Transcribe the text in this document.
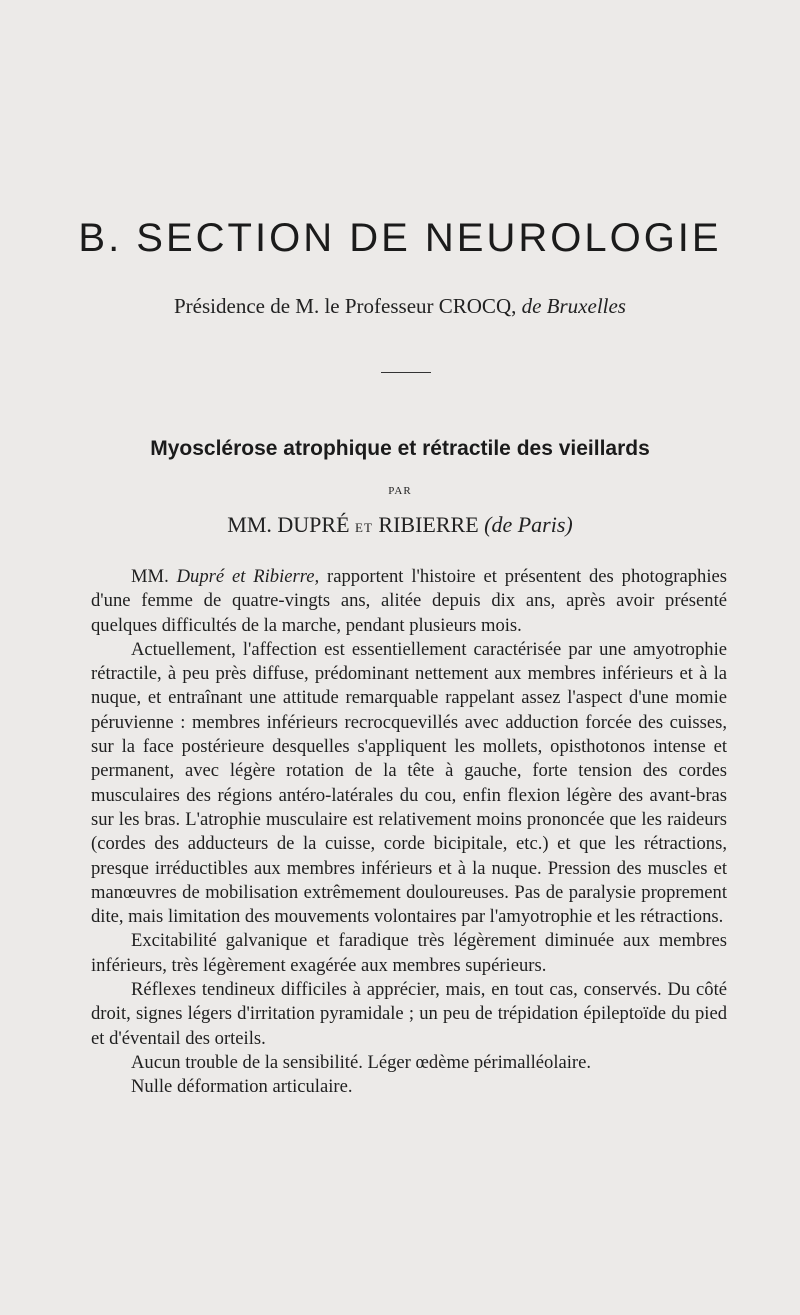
B. SECTION DE NEUROLOGIE
Présidence de M. le Professeur CROCQ, de Bruxelles
Myosclérose atrophique et rétractile des vieillards
PAR
MM. DUPRÉ ET RIBIERRE (de Paris)

MM. Dupré et Ribierre, rapportent l'histoire et présentent des photographies d'une femme de quatre-vingts ans, alitée depuis dix ans, après avoir présenté quelques difficultés de la marche, pendant plusieurs mois.

Actuellement, l'affection est essentiellement caractérisée par une amyotrophie rétractile, à peu près diffuse, prédominant nettement aux membres inférieurs et à la nuque, et entraînant une attitude remarquable rappelant assez l'aspect d'une momie péruvienne : membres inférieurs recrocquevillés avec adduction forcée des cuisses, sur la face postérieure desquelles s'appliquent les mollets, opisthotonos intense et permanent, avec légère rotation de la tête à gauche, forte tension des cordes musculaires des régions antéro-latérales du cou, enfin flexion légère des avant-bras sur les bras. L'atrophie musculaire est relativement moins prononcée que les raideurs (cordes des adducteurs de la cuisse, corde bicipitale, etc.) et que les rétractions, presque irréductibles aux membres inférieurs et à la nuque. Pression des muscles et manœuvres de mobilisation extrêmement douloureuses. Pas de paralysie proprement dite, mais limitation des mouvements volontaires par l'amyotrophie et les rétractions.

Excitabilité galvanique et faradique très légèrement diminuée aux membres inférieurs, très légèrement exagérée aux membres supérieurs.

Réflexes tendineux difficiles à apprécier, mais, en tout cas, conservés. Du côté droit, signes légers d'irritation pyramidale ; un peu de trépidation épileptoïde du pied et d'éventail des orteils.

Aucun trouble de la sensibilité. Léger œdème périmalléolaire.

Nulle déformation articulaire.
